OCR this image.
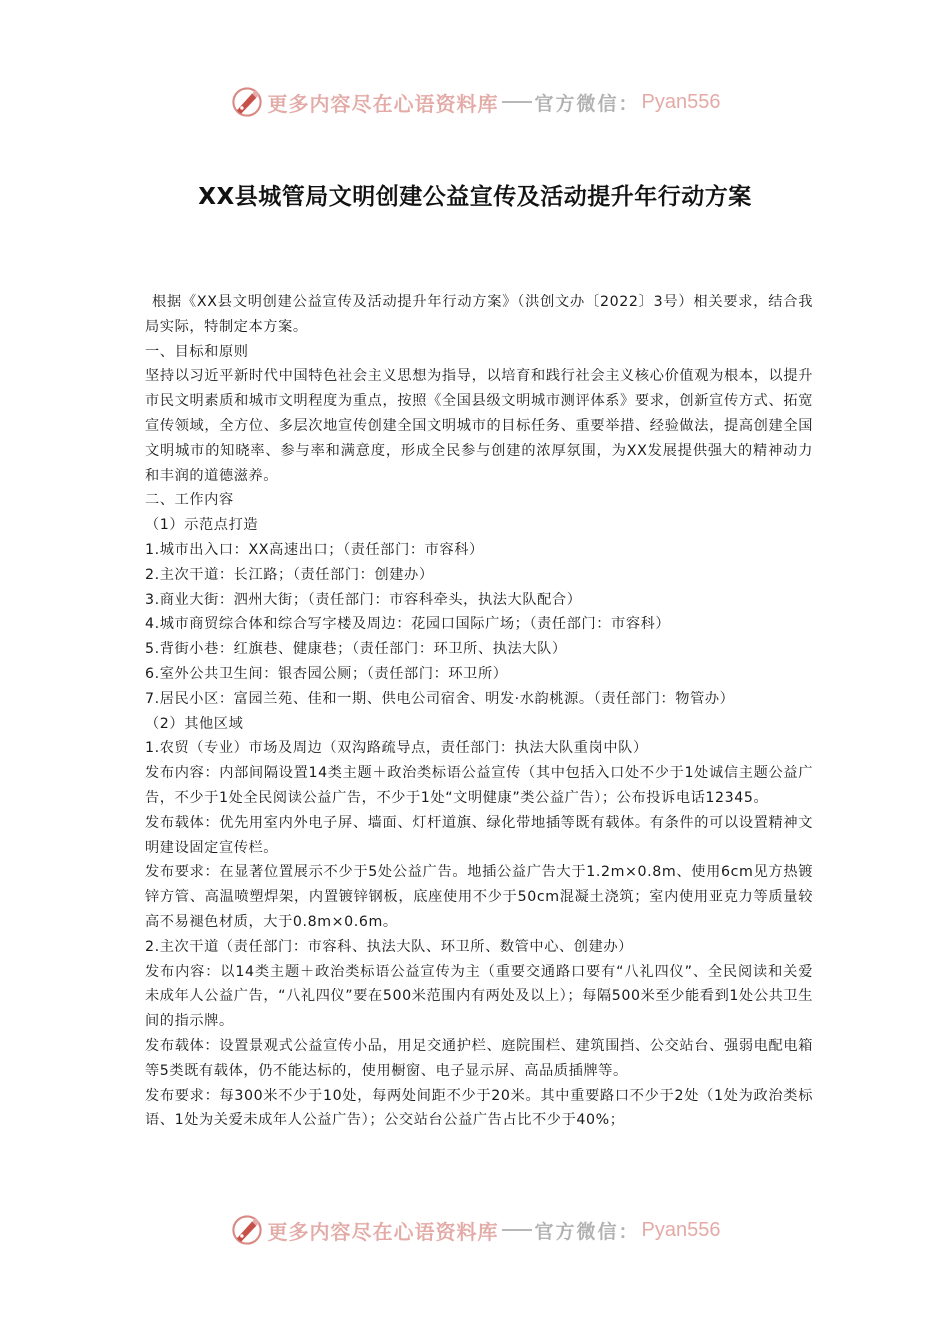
更多内容尽在心语资料库 官方微信： Pyan556
XX县城管局文明创建公益宣传及活动提升年行动方案

根据《XX县文明创建公益宣传及活动提升年行动方案》（洪创文办〔2022〕3号）相关要求，结合我局实际，特制定本方案。

一、目标和原则

坚持以习近平新时代中国特色社会主义思想为指导，以培育和践行社会主义核心价值观为根本，以提升市民文明素质和城市文明程度为重点，按照《全国县级文明城市测评体系》要求，创新宣传方式、拓宽宣传领域，全方位、多层次地宣传创建全国文明城市的目标任务、重要举措、经验做法，提高创建全国文明城市的知晓率、参与率和满意度，形成全民参与创建的浓厚氛围，为XX发展提供强大的精神动力和丰润的道德滋养。

二、工作内容

（1）示范点打造

1.城市出入口：XX高速出口；（责任部门：市容科）

2.主次干道：长江路；（责任部门：创建办）

3.商业大街：泗州大街；（责任部门：市容科牵头，执法大队配合）

4.城市商贸综合体和综合写字楼及周边：花园口国际广场；（责任部门：市容科）

5.背街小巷：红旗巷、健康巷；（责任部门：环卫所、执法大队）

6.室外公共卫生间：银杏园公厕；（责任部门：环卫所）

7.居民小区：富园兰苑、佳和一期、供电公司宿舍、明发·水韵桃源。（责任部门：物管办）

（2）其他区域

1.农贸（专业）市场及周边（双沟路疏导点，责任部门：执法大队重岗中队）

发布内容：内部间隔设置14类主题＋政治类标语公益宣传（其中包括入口处不少于1处诚信主题公益广告，不少于1处全民阅读公益广告，不少于1处“文明健康”类公益广告）；公布投诉电话12345。

发布载体：优先用室内外电子屏、墙面、灯杆道旗、绿化带地插等既有载体。有条件的可以设置精神文明建设固定宣传栏。

发布要求：在显著位置展示不少于5处公益广告。地插公益广告大于1.2m×0.8m、使用6cm见方热镀锌方管、高温喷塑焊架，内置镀锌钢板，底座使用不少于50cm混凝土浇筑；室内使用亚克力等质量较高不易褪色材质，大于0.8m×0.6m。

2.主次干道（责任部门：市容科、执法大队、环卫所、数管中心、创建办）

发布内容：以14类主题＋政治类标语公益宣传为主（重要交通路口要有“八礼四仪”、全民阅读和关爱未成年人公益广告，“八礼四仪”要在500米范围内有两处及以上）；每隔500米至少能看到1处公共卫生间的指示牌。

发布载体：设置景观式公益宣传小品，用足交通护栏、庭院围栏、建筑围挡、公交站台、强弱电配电箱等5类既有载体，仍不能达标的，使用橱窗、电子显示屏、高品质插牌等。

发布要求：每300米不少于10处，每两处间距不少于20米。其中重要路口不少于2处（1处为政治类标语、1处为关爱未成年人公益广告）；公交站台公益广告占比不少于40%；

更多内容尽在心语资料库 官方微信： Pyan556
